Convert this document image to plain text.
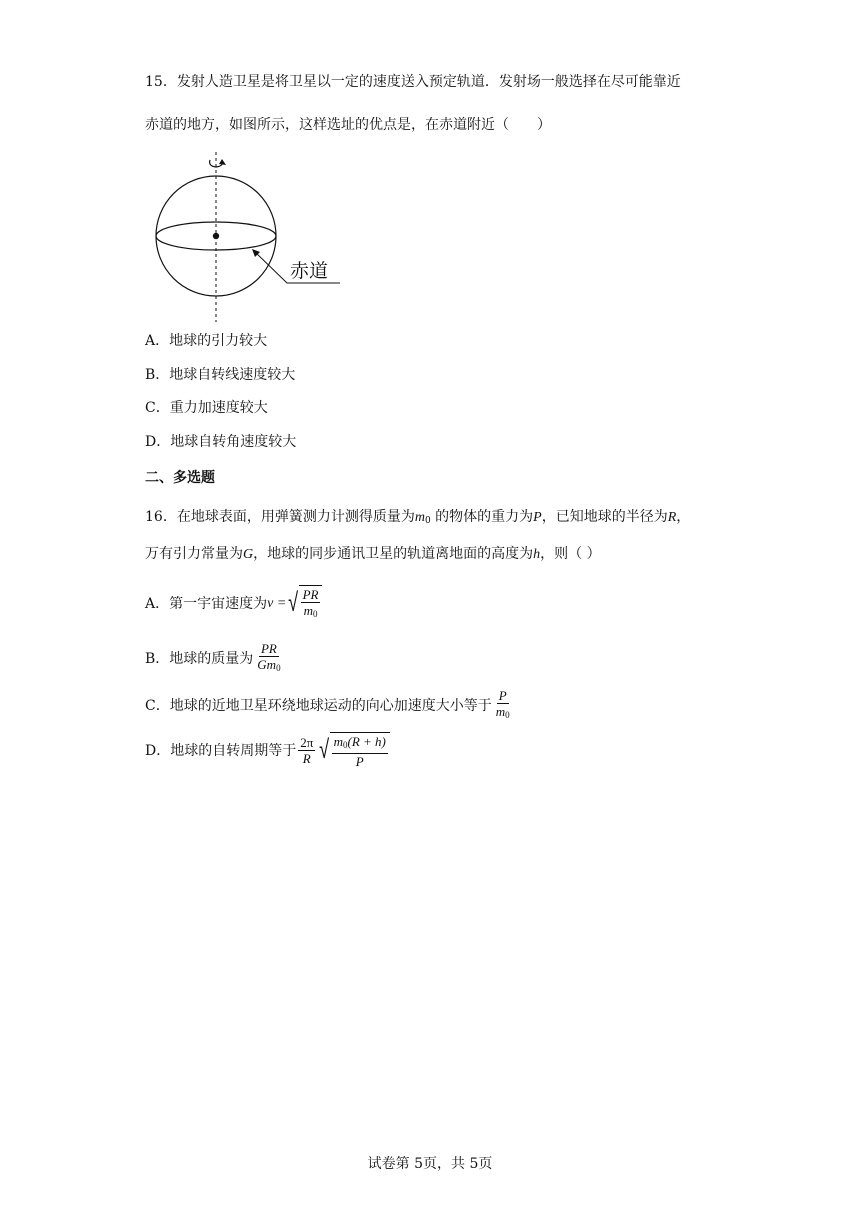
15．发射人造卫星是将卫星以一定的速度送入预定轨道．发射场一般选择在尽可能靠近
赤道的地方，如图所示，这样选址的优点是，在赤道附近（　　）
赤道
A．地球的引力较大
B．地球自转线速度较大
C．重力加速度较大
D．地球自转角速度较大
二、多选题
16．在地球表面，用弹簧测力计测得质量为$m_0$ 的物体的重力为P，已知地球的半径为R，
万有引力常量为G，地球的同步通讯卫星的轨道离地面的高度为h，则（ ）
A．第一宇宙速度为 v = √ $\frac{PR}{m_0}$
B．地球的质量为 $\frac{PR}{Gm_0}$
C．地球的近地卫星环绕地球运动的向心加速度大小等于 $\frac{P}{m_0}$
D．地球的自转周期等于 $\frac{2\pi}{R}$ √ $\frac{m_0(R + h)}{P}$
试卷第 5页，共 5页
